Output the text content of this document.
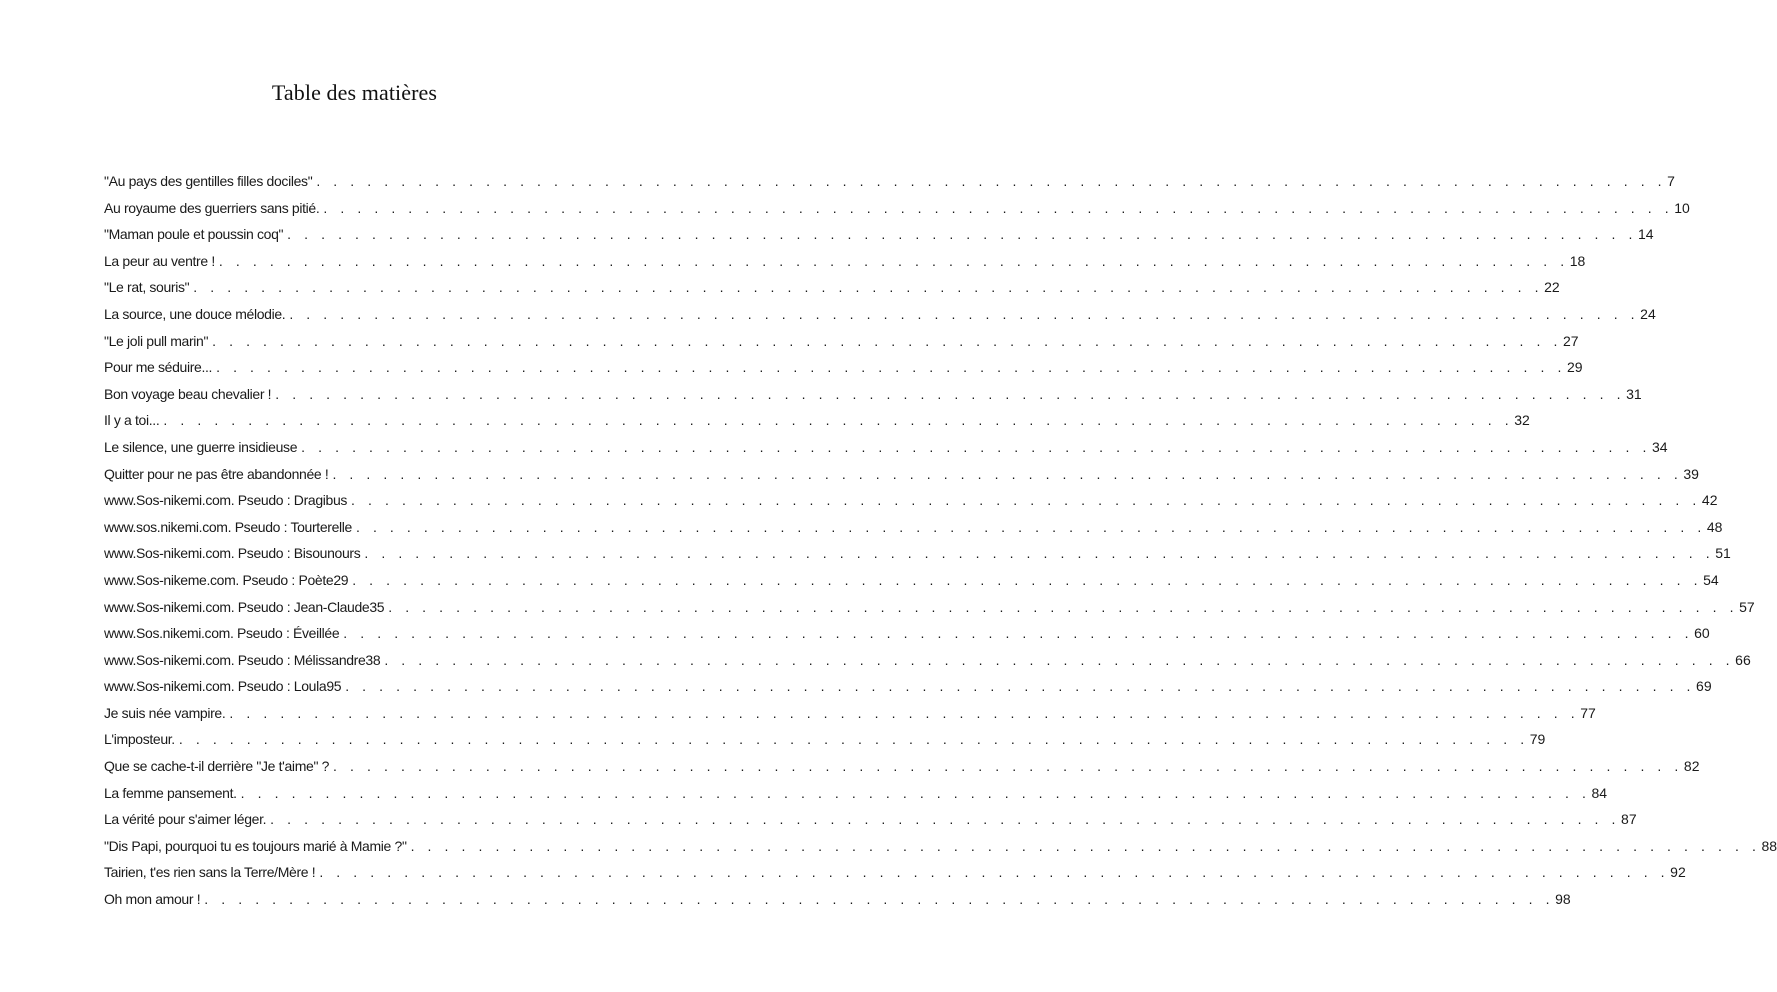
Table des matières
"Au pays des gentilles filles dociles" . . . . . . . . . . . . . . . . . . . . . . . . . . . . . . . . . . . . . . . . . . . . . . . . . . . . . . . . . . . . . . . . . . . . . . . . . . . . . . . . 7
Au royaume des guerriers sans pitié. . . . . . . . . . . . . . . . . . . . . . . . . . . . . . . . . . . . . . . . . . . . . . . . . . . . . . . . . . . . . . . . . . . . . . . . . . . . . . . . . 10
"Maman poule et poussin coq" . . . . . . . . . . . . . . . . . . . . . . . . . . . . . . . . . . . . . . . . . . . . . . . . . . . . . . . . . . . . . . . . . . . . . . . . . . . . . . . . 14
La peur au ventre ! . . . . . . . . . . . . . . . . . . . . . . . . . . . . . . . . . . . . . . . . . . . . . . . . . . . . . . . . . . . . . . . . . . . . . . . . . . . . . . . . 18
"Le rat, souris" . . . . . . . . . . . . . . . . . . . . . . . . . . . . . . . . . . . . . . . . . . . . . . . . . . . . . . . . . . . . . . . . . . . . . . . . . . . . . . . . 22
La source, une douce mélodie. . . . . . . . . . . . . . . . . . . . . . . . . . . . . . . . . . . . . . . . . . . . . . . . . . . . . . . . . . . . . . . . . . . . . . . . . . . . . . . . . 24
"Le joli pull marin" . . . . . . . . . . . . . . . . . . . . . . . . . . . . . . . . . . . . . . . . . . . . . . . . . . . . . . . . . . . . . . . . . . . . . . . . . . . . . . . . 27
Pour me séduire... . . . . . . . . . . . . . . . . . . . . . . . . . . . . . . . . . . . . . . . . . . . . . . . . . . . . . . . . . . . . . . . . . . . . . . . . . . . . . . . . 29
Bon voyage beau chevalier ! . . . . . . . . . . . . . . . . . . . . . . . . . . . . . . . . . . . . . . . . . . . . . . . . . . . . . . . . . . . . . . . . . . . . . . . . . . . . . . . . 31
Il y a toi... . . . . . . . . . . . . . . . . . . . . . . . . . . . . . . . . . . . . . . . . . . . . . . . . . . . . . . . . . . . . . . . . . . . . . . . . . . . . . . . . 32
Le silence, une guerre insidieuse . . . . . . . . . . . . . . . . . . . . . . . . . . . . . . . . . . . . . . . . . . . . . . . . . . . . . . . . . . . . . . . . . . . . . . . . . . . . . . . . 34
Quitter pour ne pas être abandonnée ! . . . . . . . . . . . . . . . . . . . . . . . . . . . . . . . . . . . . . . . . . . . . . . . . . . . . . . . . . . . . . . . . . . . . . . . . . . . . . . . . 39
www.Sos-nikemi.com. Pseudo : Dragibus . . . . . . . . . . . . . . . . . . . . . . . . . . . . . . . . . . . . . . . . . . . . . . . . . . . . . . . . . . . . . . . . . . . . . . . . . . . . . . . . 42
www.sos.nikemi.com. Pseudo : Tourterelle . . . . . . . . . . . . . . . . . . . . . . . . . . . . . . . . . . . . . . . . . . . . . . . . . . . . . . . . . . . . . . . . . . . . . . . . . . . . . . . . 48
www.Sos-nikemi.com. Pseudo : Bisounours . . . . . . . . . . . . . . . . . . . . . . . . . . . . . . . . . . . . . . . . . . . . . . . . . . . . . . . . . . . . . . . . . . . . . . . . . . . . . . . . 51
www.Sos-nikeme.com. Pseudo : Poète29 . . . . . . . . . . . . . . . . . . . . . . . . . . . . . . . . . . . . . . . . . . . . . . . . . . . . . . . . . . . . . . . . . . . . . . . . . . . . . . . . 54
www.Sos-nikemi.com. Pseudo : Jean-Claude35 . . . . . . . . . . . . . . . . . . . . . . . . . . . . . . . . . . . . . . . . . . . . . . . . . . . . . . . . . . . . . . . . . . . . . . . . . . . . . . . . 57
www.Sos.nikemi.com. Pseudo : Éveillée . . . . . . . . . . . . . . . . . . . . . . . . . . . . . . . . . . . . . . . . . . . . . . . . . . . . . . . . . . . . . . . . . . . . . . . . . . . . . . . . 60
www.Sos-nikemi.com. Pseudo : Mélissandre38 . . . . . . . . . . . . . . . . . . . . . . . . . . . . . . . . . . . . . . . . . . . . . . . . . . . . . . . . . . . . . . . . . . . . . . . . . . . . . . . . 66
www.Sos-nikemi.com. Pseudo : Loula95 . . . . . . . . . . . . . . . . . . . . . . . . . . . . . . . . . . . . . . . . . . . . . . . . . . . . . . . . . . . . . . . . . . . . . . . . . . . . . . . . 69
Je suis née vampire. . . . . . . . . . . . . . . . . . . . . . . . . . . . . . . . . . . . . . . . . . . . . . . . . . . . . . . . . . . . . . . . . . . . . . . . . . . . . . . . . 77
L'imposteur. . . . . . . . . . . . . . . . . . . . . . . . . . . . . . . . . . . . . . . . . . . . . . . . . . . . . . . . . . . . . . . . . . . . . . . . . . . . . . . . . 79
Que se cache-t-il derrière "Je t'aime" ? . . . . . . . . . . . . . . . . . . . . . . . . . . . . . . . . . . . . . . . . . . . . . . . . . . . . . . . . . . . . . . . . . . . . . . . . . . . . . . . . 82
La femme pansement. . . . . . . . . . . . . . . . . . . . . . . . . . . . . . . . . . . . . . . . . . . . . . . . . . . . . . . . . . . . . . . . . . . . . . . . . . . . . . . . . 84
La vérité pour s'aimer léger. . . . . . . . . . . . . . . . . . . . . . . . . . . . . . . . . . . . . . . . . . . . . . . . . . . . . . . . . . . . . . . . . . . . . . . . . . . . . . . . . 87
"Dis Papi, pourquoi tu es toujours marié à Mamie ?" . . . . . . . . . . . . . . . . . . . . . . . . . . . . . . . . . . . . . . . . . . . . . . . . . . . . . . . . . . . . . . . . . . . . . . . . . . . . . . . . 88
Tairien, t'es rien sans la Terre/Mère ! . . . . . . . . . . . . . . . . . . . . . . . . . . . . . . . . . . . . . . . . . . . . . . . . . . . . . . . . . . . . . . . . . . . . . . . . . . . . . . . . 92
Oh mon amour ! . . . . . . . . . . . . . . . . . . . . . . . . . . . . . . . . . . . . . . . . . . . . . . . . . . . . . . . . . . . . . . . . . . . . . . . . . . . . . . . . 98
